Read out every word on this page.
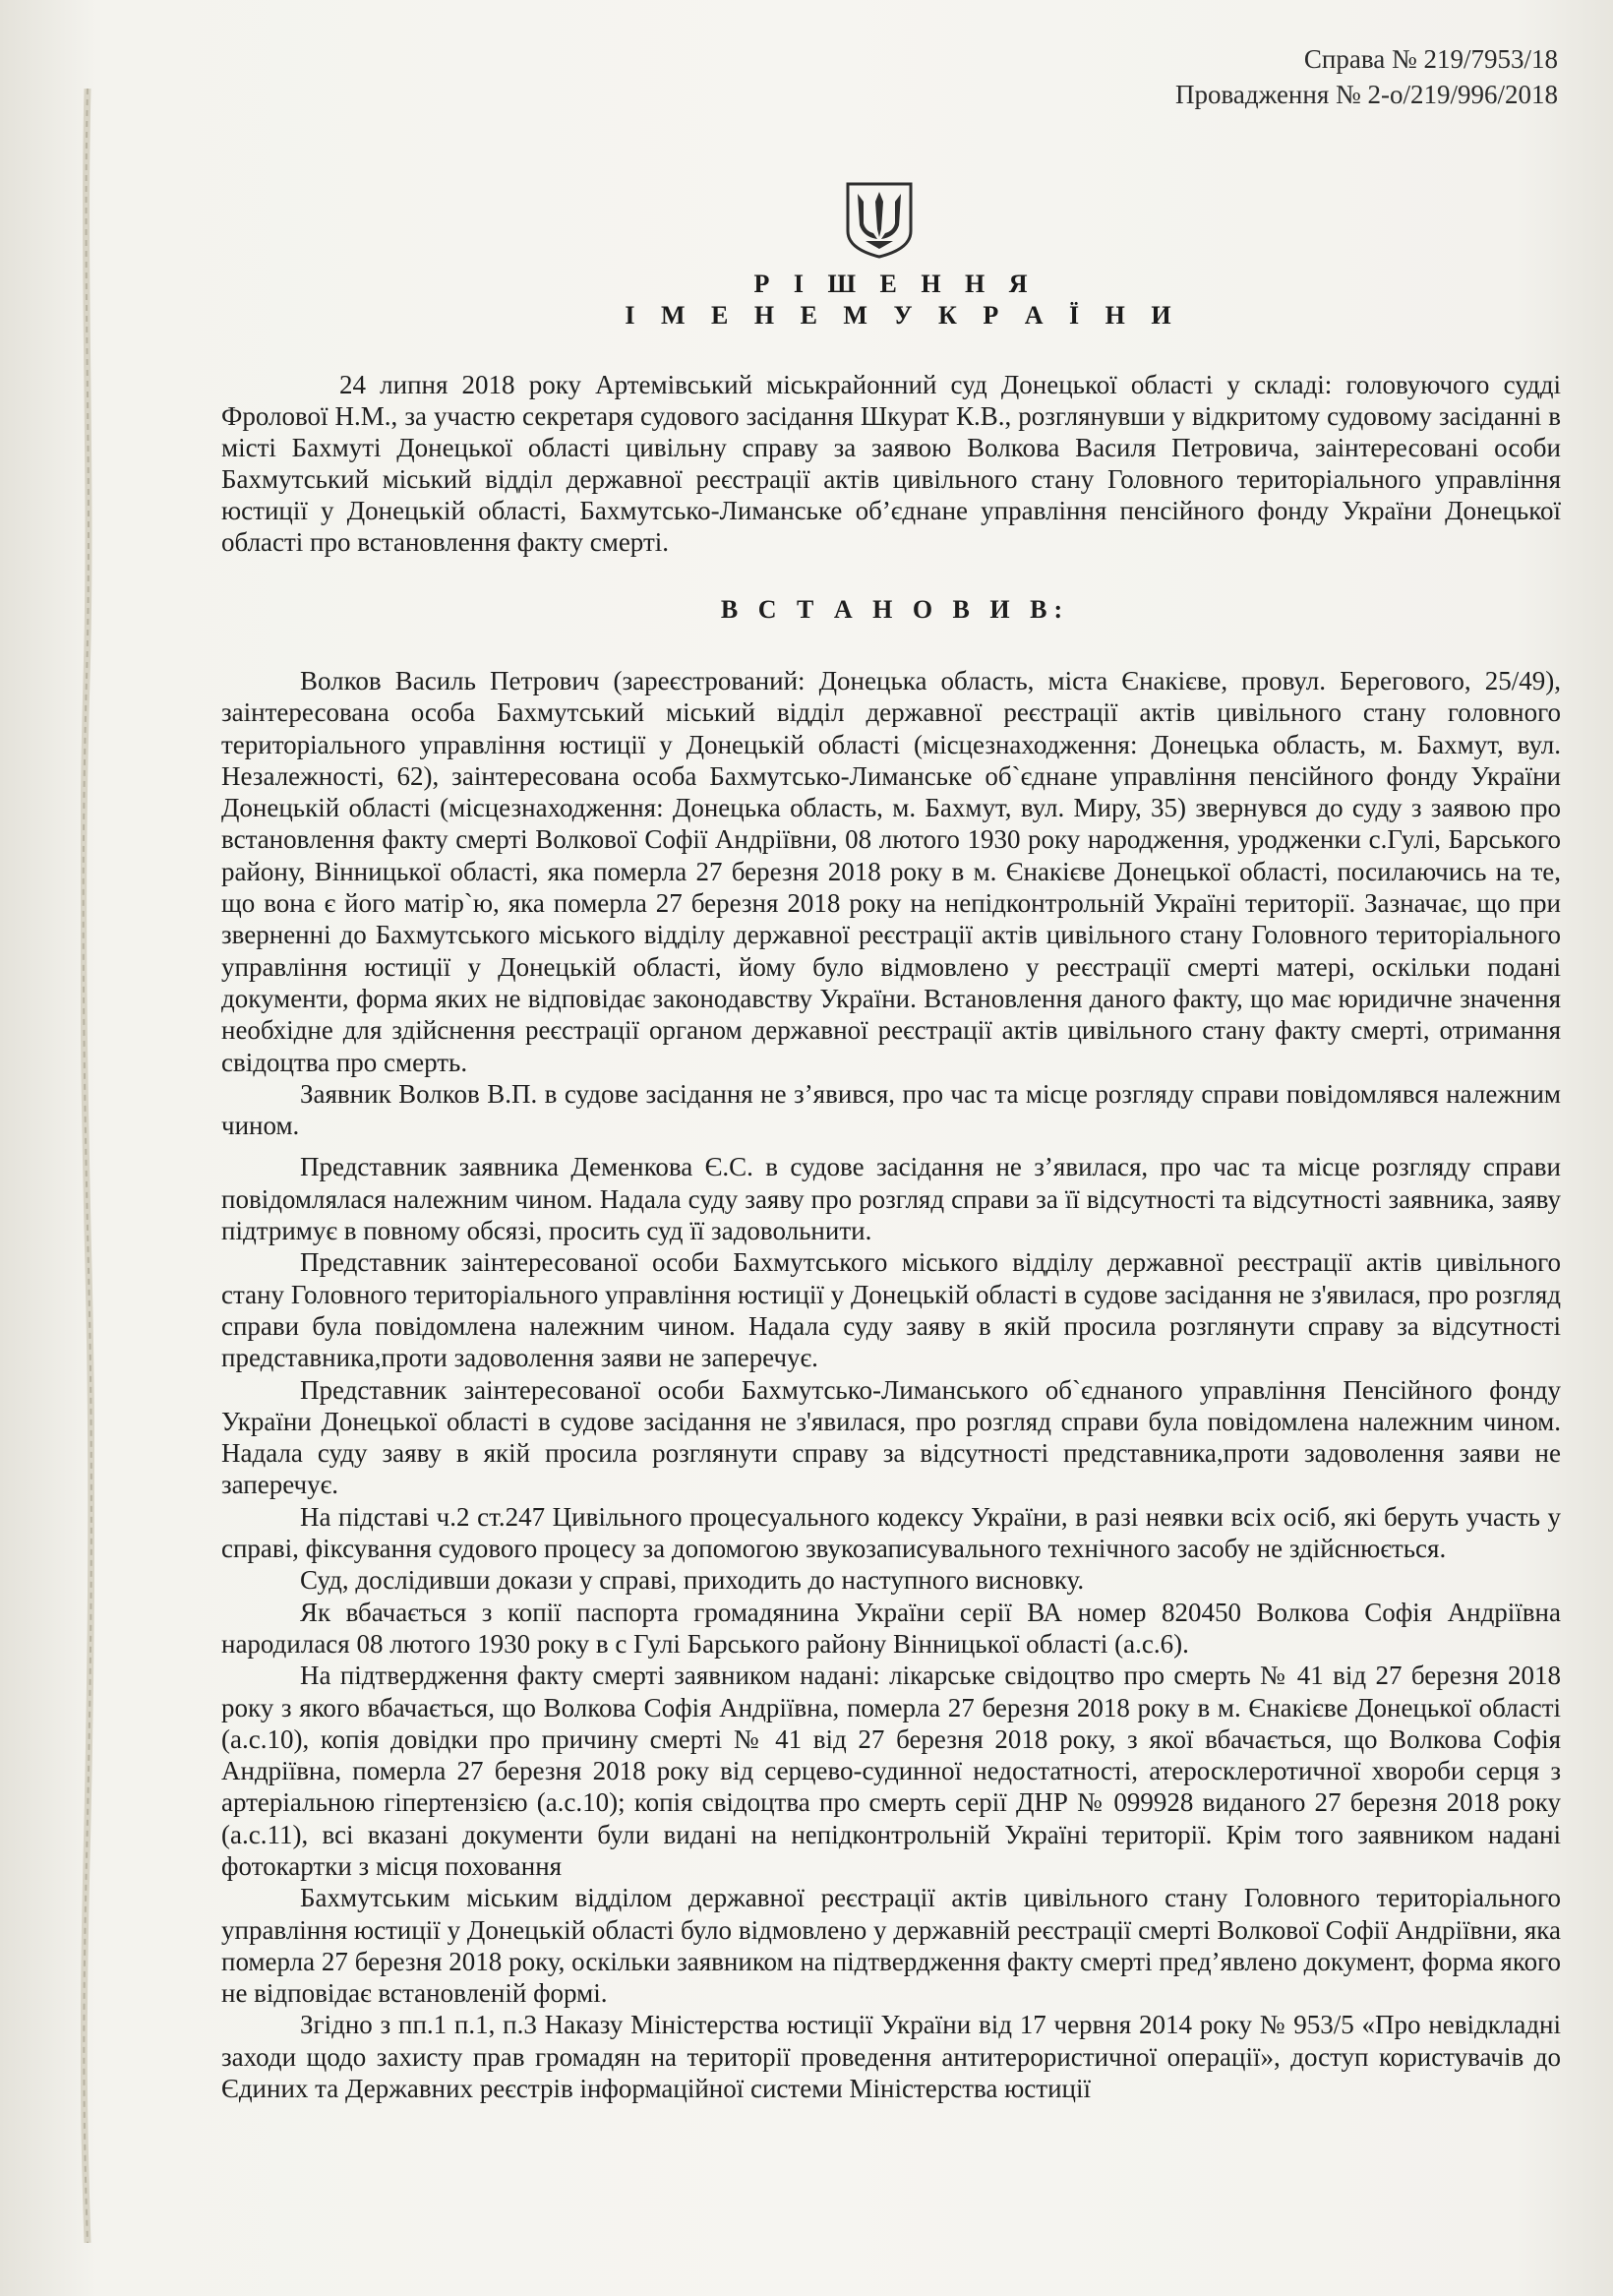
Справа № 219/7953/18
Провадження № 2-о/219/996/2018
Р І Ш Е Н Н Я
І М Е Н Е М У К Р А Ї Н И
24 липня 2018 року Артемівський міськрайонний суд Донецької області у складі: головуючого судді Фролової Н.М., за участю секретаря судового засідання Шкурат К.В., розглянувши у відкритому судовому засіданні в місті Бахмуті Донецької області цивільну справу за заявою Волкова Василя Петровича, заінтересовані особи Бахмутський міський відділ державної реєстрації актів цивільного стану Головного територіального управління юстиції у Донецькій області, Бахмутсько-Лиманське об’єднане управління пенсійного фонду України Донецької області про встановлення факту смерті.
В С Т А Н О В И В:

Волков Василь Петрович (зареєстрований: Донецька область, міста Єнакієве, провул. Берегового, 25/49), заінтересована особа Бахмутський міський відділ державної реєстрації актів цивільного стану головного територіального управління юстиції у Донецькій області (місцезнаходження: Донецька область, м. Бахмут, вул. Незалежності, 62), заінтересована особа Бахмутсько-Лиманське об`єднане управління пенсійного фонду України Донецькій області (місцезнаходження: Донецька область, м. Бахмут, вул. Миру, 35) звернувся до суду з заявою про встановлення факту смерті Волкової Софії Андріївни, 08 лютого 1930 року народження, уродженки с.Гулі, Барського району, Вінницької області, яка померла 27 березня 2018 року в м. Єнакієве Донецької області, посилаючись на те, що вона є його матір`ю, яка померла 27 березня 2018 року на непідконтрольній Україні території. Зазначає, що при зверненні до Бахмутського міського відділу державної реєстрації актів цивільного стану Головного територіального управління юстиції у Донецькій області, йому було відмовлено у реєстрації смерті матері, оскільки подані документи, форма яких не відповідає законодавству України. Встановлення даного факту, що має юридичне значення необхідне для здійснення реєстрації органом державної реєстрації актів цивільного стану факту смерті, отримання свідоцтва про смерть.

Заявник Волков В.П. в судове засідання не з’явився, про час та місце розгляду справи повідомлявся належним чином.

Представник заявника Деменкова Є.С. в судове засідання не з’явилася, про час та місце розгляду справи повідомлялася належним чином. Надала суду заяву про розгляд справи за її відсутності та відсутності заявника, заяву підтримує в повному обсязі, просить суд її задовольнити.

Представник заінтересованої особи Бахмутського міського відділу державної реєстрації актів цивільного стану Головного територіального управління юстиції у Донецькій області в судове засідання не з'явилася, про розгляд справи була повідомлена належним чином. Надала суду заяву в якій просила розглянути справу за відсутності представника,проти задоволення заяви не заперечує.

Представник заінтересованої особи Бахмутсько-Лиманського об`єднаного управління Пенсійного фонду України Донецької області в судове засідання не з'явилася, про розгляд справи була повідомлена належним чином. Надала суду заяву в якій просила розглянути справу за відсутності представника,проти задоволення заяви не заперечує.

На підставі ч.2 ст.247 Цивільного процесуального кодексу України, в разі неявки всіх осіб, які беруть участь у справі, фіксування судового процесу за допомогою звукозаписувального технічного засобу не здійснюється.

Суд, дослідивши докази у справі, приходить до наступного висновку.

Як вбачається з копії паспорта громадянина України серії ВА номер 820450 Волкова Софія Андріївна народилася 08 лютого 1930 року в с Гулі Барського району Вінницької області (а.с.6).

На підтвердження факту смерті заявником надані: лікарське свідоцтво про смерть № 41 від 27 березня 2018 року з якого вбачається, що Волкова Софія Андріївна, померла 27 березня 2018 року в м. Єнакієве Донецької області (а.с.10), копія довідки про причину смерті № 41 від 27 березня 2018 року, з якої вбачається, що Волкова Софія Андріївна, померла 27 березня 2018 року від серцево-судинної недостатності, атеросклеротичної хвороби серця з артеріальною гіпертензією (а.с.10); копія свідоцтва про смерть серії ДНР № 099928 виданого 27 березня 2018 року (а.с.11), всі вказані документи були видані на непідконтрольній Україні території. Крім того заявником надані фотокартки з місця поховання

Бахмутським міським відділом державної реєстрації актів цивільного стану Головного територіального управління юстиції у Донецькій області було відмовлено у державній реєстрації смерті Волкової Софії Андріївни, яка померла 27 березня 2018 року, оскільки заявником на підтвердження факту смерті пред’явлено документ, форма якого не відповідає встановленій формі.

Згідно з пп.1 п.1, п.3 Наказу Міністерства юстиції України від 17 червня 2014 року № 953/5 «Про невідкладні заходи щодо захисту прав громадян на території проведення антитерористичної операції», доступ користувачів до Єдиних та Державних реєстрів інформаційної системи Міністерства юстиції
